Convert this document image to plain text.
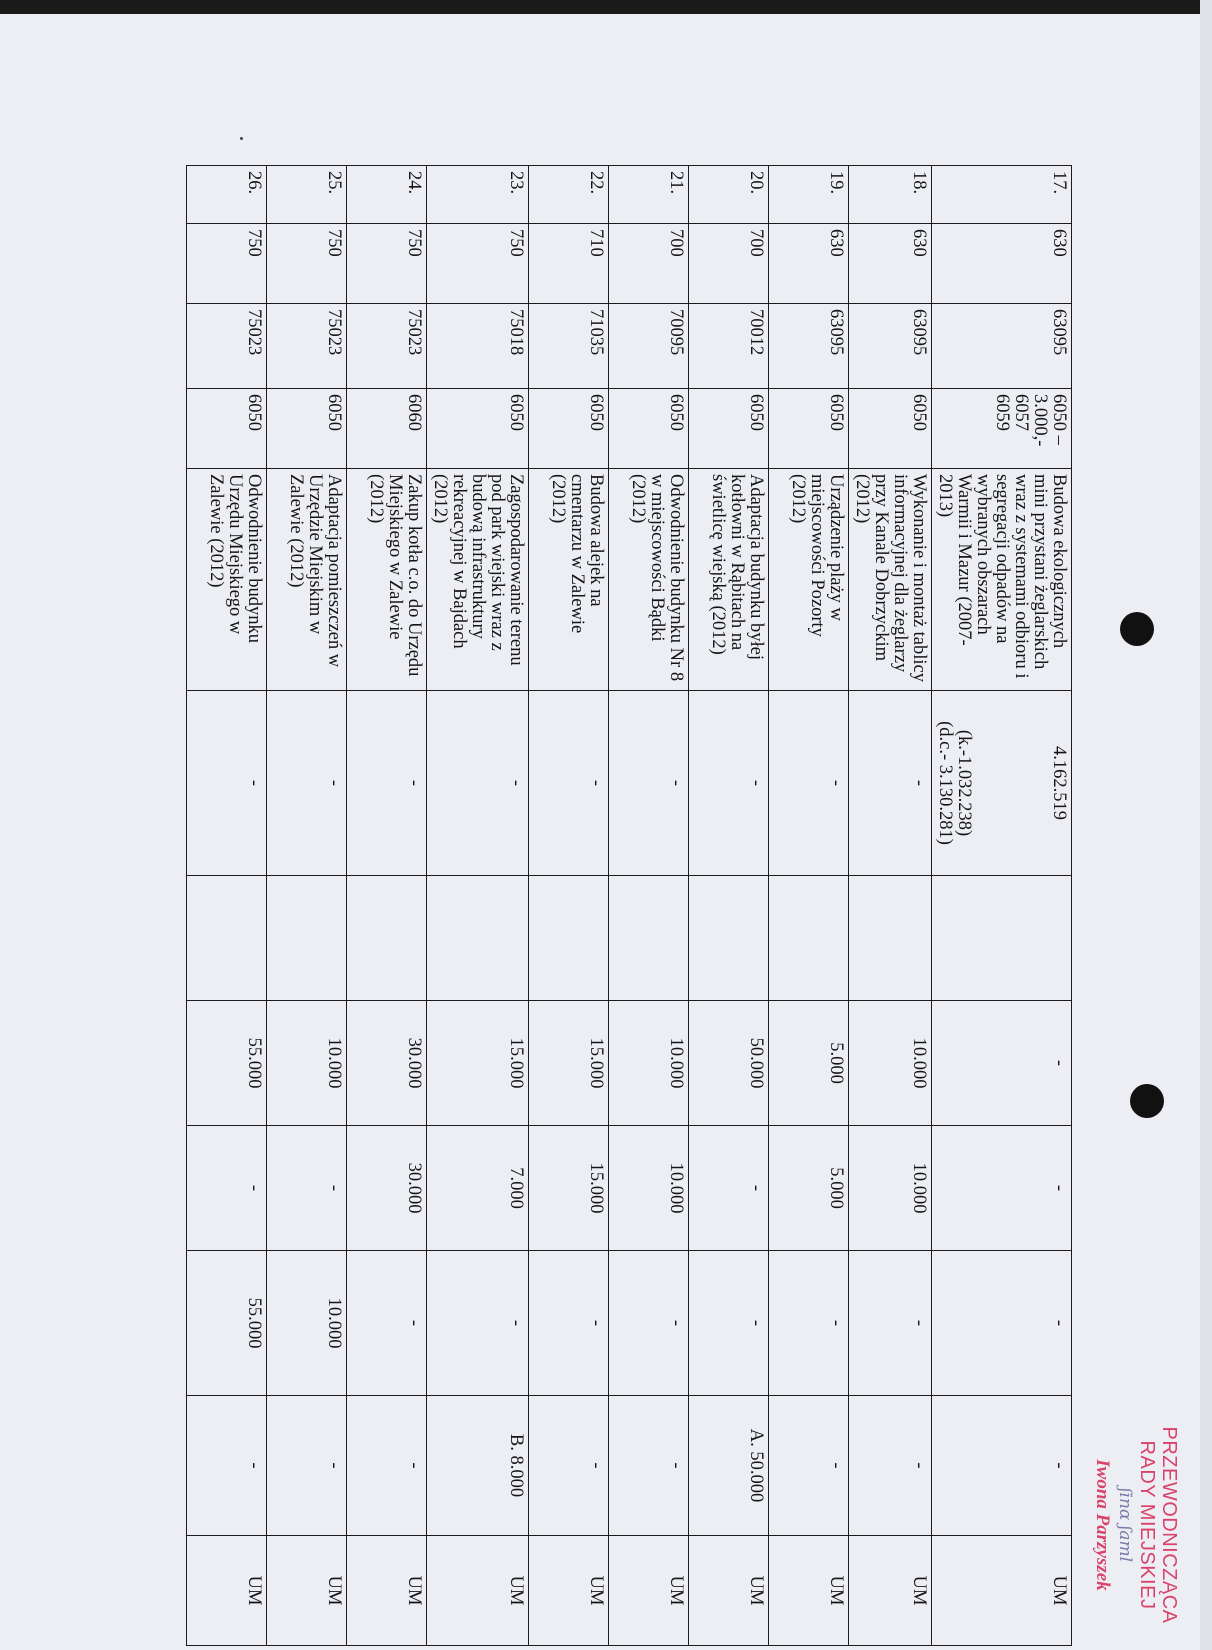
17.	630	63095	6050 –
3.000,-
6057
6059	Budowa ekologicznych mini przystani żeglarskich wraz z systemami odbioru i segregacji odpadów na wybranych obszarach Warmii i Mazur (2007-2013)	4.162.519

(k.-1.032.238)
(d.c.- 3.130.281)		-	-	-	-	UM
18.	630	63095	6050	Wykonanie i montaż tablicy informacyjnej dla żeglarzy przy Kanale Dobrzyckim (2012)	-		10.000	10.000	-	-	UM
19.	630	63095	6050	Urządzenie plaży w miejscowości Pozorty (2012)	-		5.000	5.000	-	-	UM
20.	700	70012	6050	Adaptacja budynku byłej kotłowni w Rąbitach na świetlicę wiejską (2012)	-		50.000	-	-	A. 50.000	UM
21.	700	70095	6050	Odwodnienie budynku Nr 8 w miejscowości Bądki (2012)	-		10.000	10.000	-	-	UM
22.	710	71035	6050	Budowa alejek na cmentarzu w Zalewie (2012)	-		15.000	15.000	-	-	UM
23.	750	75018	6050	Zagospodarowanie terenu pod park wiejski wraz z budową infrastruktury rekreacyjnej w Bajdach (2012)	-		15.000	7.000	-	B. 8.000	UM
24.	750	75023	6060	Zakup kotła c.o. do Urzędu Miejskiego w Zalewie (2012)	-		30.000	30.000	-	-	UM
25.	750	75023	6050	Adaptacja pomieszczeń w Urzędzie Miejskim w Zalewie (2012)	-		10.000	-	10.000	-	UM
26.	750	75023	6050	Odwodnienie budynku Urzędu Miejskiego w Zalewie (2012)	-		55.000	-	55.000	-	UM	PRZEWODNICZĄCA
RADY MIEJSKIEJ
ʃinɑ ʃaml
Iwona Parzyszek
